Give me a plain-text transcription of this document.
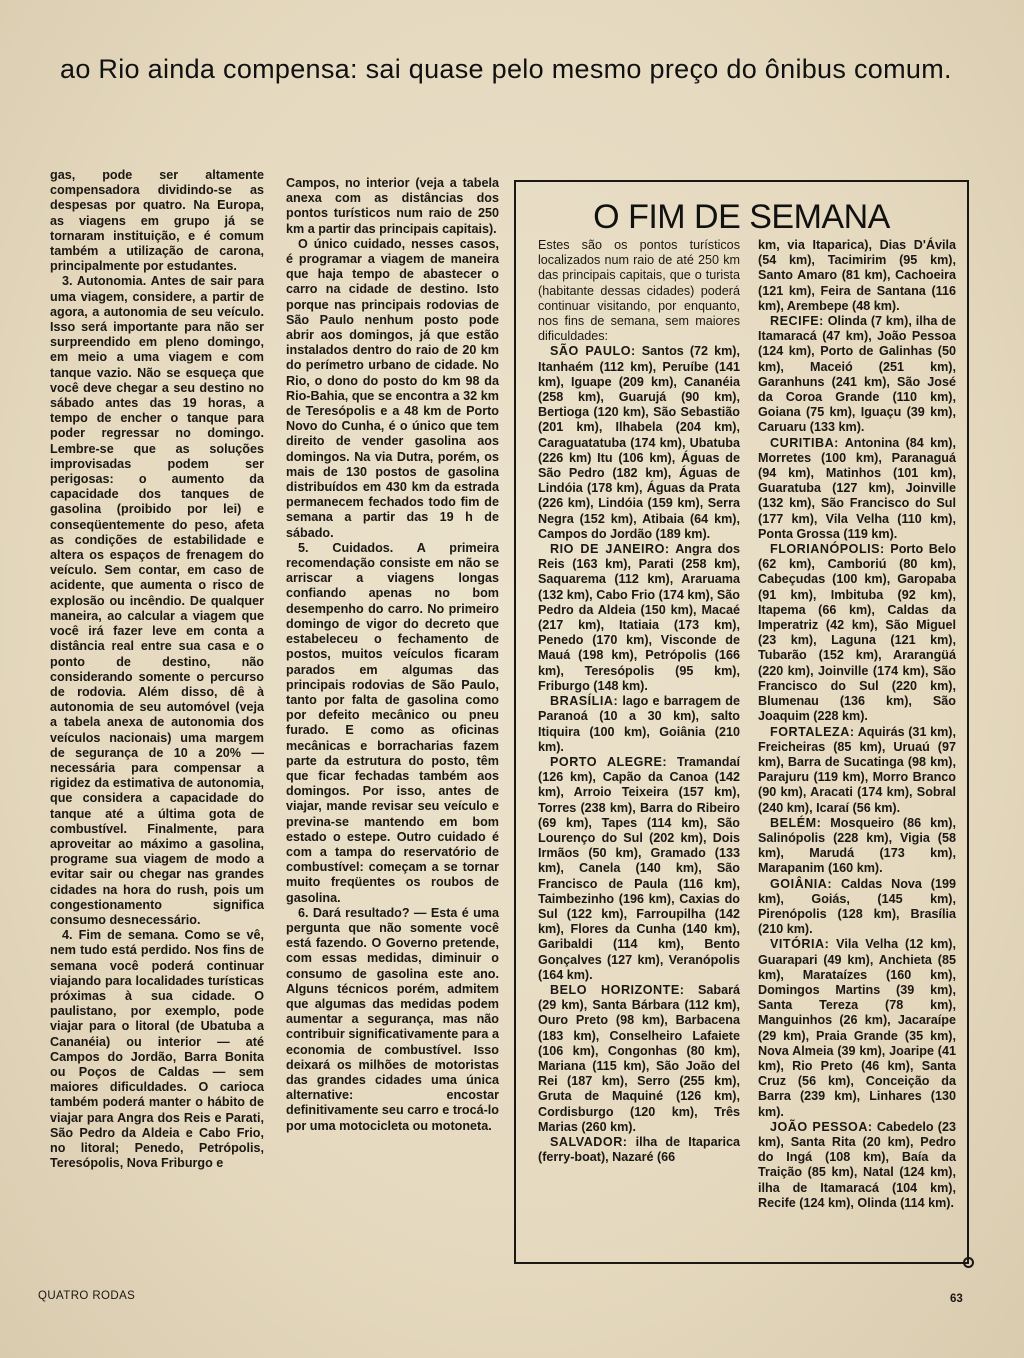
ao Rio ainda compensa: sai quase pelo mesmo preço do ônibus comum.

gas, pode ser altamente compensadora dividindo-se as despesas por quatro. Na Europa, as viagens em grupo já se tornaram instituição, e é comum também a utilização de carona, principalmente por estudantes.

3. Autonomia. Antes de sair para uma viagem, considere, a partir de agora, a autonomia de seu veículo. Isso será importante para não ser surpreendido em pleno domingo, em meio a uma viagem e com tanque vazio. Não se esqueça que você deve chegar a seu destino no sábado antes das 19 horas, a tempo de encher o tanque para poder regressar no domingo. Lembre-se que as soluções improvisadas podem ser perigosas: o aumento da capacidade dos tanques de gasolina (proibido por lei) e conseqüentemente do peso, afeta as condições de estabilidade e altera os espaços de frenagem do veículo. Sem contar, em caso de acidente, que aumenta o risco de explosão ou incêndio. De qualquer maneira, ao calcular a viagem que você irá fazer leve em conta a distância real entre sua casa e o ponto de destino, não considerando somente o percurso de rodovia. Além disso, dê à autonomia de seu automóvel (veja a tabela anexa de autonomia dos veículos nacionais) uma margem de segurança de 10 a 20% — necessária para compensar a rigidez da estimativa de autonomia, que considera a capacidade do tanque até a última gota de combustível. Finalmente, para aproveitar ao máximo a gasolina, programe sua viagem de modo a evitar sair ou chegar nas grandes cidades na hora do rush, pois um congestionamento significa consumo desnecessário.

4. Fim de semana. Como se vê, nem tudo está perdido. Nos fins de semana você poderá continuar viajando para localidades turísticas próximas à sua cidade. O paulistano, por exemplo, pode viajar para o litoral (de Ubatuba a Cananéia) ou interior — até Campos do Jordão, Barra Bonita ou Poços de Caldas — sem maiores dificuldades. O carioca também poderá manter o hábito de viajar para Angra dos Reis e Parati, São Pedro da Aldeia e Cabo Frio, no litoral; Penedo, Petrópolis, Teresópolis, Nova Friburgo e

Campos, no interior (veja a tabela anexa com as distâncias dos pontos turísticos num raio de 250 km a partir das principais capitais).

O único cuidado, nesses casos, é programar a viagem de maneira que haja tempo de abastecer o carro na cidade de destino. Isto porque nas principais rodovias de São Paulo nenhum posto pode abrir aos domingos, já que estão instalados dentro do raio de 20 km do perímetro urbano de cidade. No Rio, o dono do posto do km 98 da Rio-Bahia, que se encontra a 32 km de Teresópolis e a 48 km de Porto Novo do Cunha, é o único que tem direito de vender gasolina aos domingos. Na via Dutra, porém, os mais de 130 postos de gasolina distribuídos em 430 km da estrada permanecem fechados todo fim de semana a partir das 19 h de sábado.

5. Cuidados. A primeira recomendação consiste em não se arriscar a viagens longas confiando apenas no bom desempenho do carro. No primeiro domingo de vigor do decreto que estabeleceu o fechamento de postos, muitos veículos ficaram parados em algumas das principais rodovias de São Paulo, tanto por falta de gasolina como por defeito mecânico ou pneu furado. E como as oficinas mecânicas e borracharias fazem parte da estrutura do posto, têm que ficar fechadas também aos domingos. Por isso, antes de viajar, mande revisar seu veículo e previna-se mantendo em bom estado o estepe. Outro cuidado é com a tampa do reservatório de combustível: começam a se tornar muito freqüentes os roubos de gasolina.

6. Dará resultado? — Esta é uma pergunta que não somente você está fazendo. O Governo pretende, com essas medidas, diminuir o consumo de gasolina este ano. Alguns técnicos porém, admitem que algumas das medidas podem aumentar a segurança, mas não contribuir significativamente para a economia de combustível. Isso deixará os milhões de motoristas das grandes cidades uma única alternative: encostar definitivamente seu carro e trocá-lo por uma motocicleta ou motoneta.

O FIM DE SEMANA

Estes são os pontos turísticos localizados num raio de até 250 km das principais capitais, que o turista (habitante dessas cidades) poderá continuar visitando, por enquanto, nos fins de semana, sem maiores dificuldades:

SÃO PAULO: Santos (72 km), Itanhaém (112 km), Peruíbe (141 km), Iguape (209 km), Cananéia (258 km), Guarujá (90 km), Bertioga (120 km), São Sebastião (201 km), Ilhabela (204 km), Caraguatatuba (174 km), Ubatuba (226 km) Itu (106 km), Águas de São Pedro (182 km), Águas de Lindóia (178 km), Águas da Prata (226 km), Lindóia (159 km), Serra Negra (152 km), Atibaia (64 km), Campos do Jordão (189 km).

RIO DE JANEIRO: Angra dos Reis (163 km), Parati (258 km), Saquarema (112 km), Araruama (132 km), Cabo Frio (174 km), São Pedro da Aldeia (150 km), Macaé (217 km), Itatiaia (173 km), Penedo (170 km), Visconde de Mauá (198 km), Petrópolis (166 km), Teresópolis (95 km), Friburgo (148 km).

BRASÍLIA: lago e barragem de Paranoá (10 a 30 km), salto Itiquira (100 km), Goiânia (210 km).

PORTO ALEGRE: Tramandaí (126 km), Capão da Canoa (142 km), Arroio Teixeira (157 km), Torres (238 km), Barra do Ribeiro (69 km), Tapes (114 km), São Lourenço do Sul (202 km), Dois Irmãos (50 km), Gramado (133 km), Canela (140 km), São Francisco de Paula (116 km), Taimbezinho (196 km), Caxias do Sul (122 km), Farroupilha (142 km), Flores da Cunha (140 km), Garibaldi (114 km), Bento Gonçalves (127 km), Veranópolis (164 km).

BELO HORIZONTE: Sabará (29 km), Santa Bárbara (112 km), Ouro Preto (98 km), Barbacena (183 km), Conselheiro Lafaiete (106 km), Congonhas (80 km), Mariana (115 km), São João del Rei (187 km), Serro (255 km), Gruta de Maquiné (126 km), Cordisburgo (120 km), Três Marias (260 km).

SALVADOR: ilha de Itaparica (ferry-boat), Nazaré (66

km, via Itaparica), Dias D'Ávila (54 km), Tacimirim (95 km), Santo Amaro (81 km), Cachoeira (121 km), Feira de Santana (116 km), Arembepe (48 km).

RECIFE: Olinda (7 km), ilha de Itamaracá (47 km), João Pessoa (124 km), Porto de Galinhas (50 km), Maceió (251 km), Garanhuns (241 km), São José da Coroa Grande (110 km), Goiana (75 km), Iguaçu (39 km), Caruaru (133 km).

CURITIBA: Antonina (84 km), Morretes (100 km), Paranaguá (94 km), Matinhos (101 km), Guaratuba (127 km), Joinville (132 km), São Francisco do Sul (177 km), Vila Velha (110 km), Ponta Grossa (119 km).

FLORIANÓPOLIS: Porto Belo (62 km), Camboriú (80 km), Cabeçudas (100 km), Garopaba (91 km), Imbituba (92 km), Itapema (66 km), Caldas da Imperatriz (42 km), São Miguel (23 km), Laguna (121 km), Tubarão (152 km), Ararangüá (220 km), Joinville (174 km), São Francisco do Sul (220 km), Blumenau (136 km), São Joaquim (228 km).

FORTALEZA: Aquirás (31 km), Freicheiras (85 km), Uruaú (97 km), Barra de Sucatinga (98 km), Parajuru (119 km), Morro Branco (90 km), Aracati (174 km), Sobral (240 km), Icaraí (56 km).

BELÉM: Mosqueiro (86 km), Salinópolis (228 km), Vigia (58 km), Marudá (173 km), Marapanim (160 km).

GOIÂNIA: Caldas Nova (199 km), Goiás, (145 km), Pirenópolis (128 km), Brasília (210 km).

VITÓRIA: Vila Velha (12 km), Guarapari (49 km), Anchieta (85 km), Marataízes (160 km), Domingos Martins (39 km), Santa Tereza (78 km), Manguinhos (26 km), Jacaraípe (29 km), Praia Grande (35 km), Nova Almeia (39 km), Joaripe (41 km), Rio Preto (46 km), Santa Cruz (56 km), Conceição da Barra (239 km), Linhares (130 km).

JOÃO PESSOA: Cabedelo (23 km), Santa Rita (20 km), Pedro do Ingá (108 km), Baía da Traição (85 km), Natal (124 km), ilha de Itamaracá (104 km), Recife (124 km), Olinda (114 km).

QUATRO RODAS	63
